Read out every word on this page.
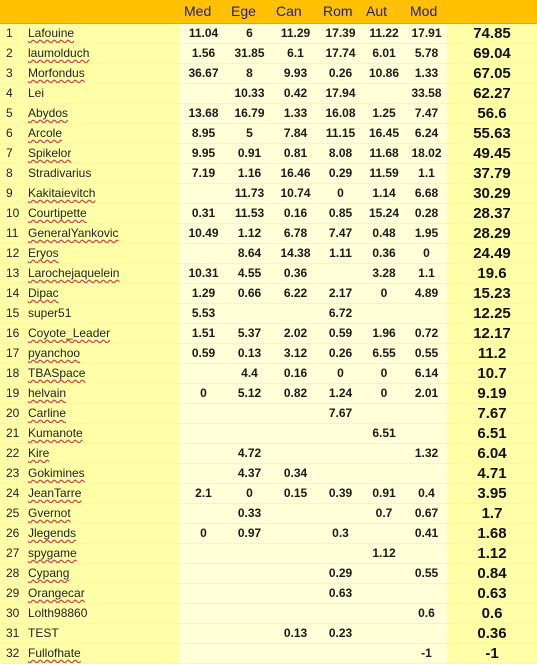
		Med	Ege	Can	Rom	Aut	Mod	
1	Lafouine	11.04	6	11.29	17.39	11.22	17.91	74.85
2	laumolduch	1.56	31.85	6.1	17.74	6.01	5.78	69.04
3	Morfondus	36.67	8	9.93	0.26	10.86	1.33	67.05
4	Lei		10.33	0.42	17.94		33.58	62.27
5	Abydos	13.68	16.79	1.33	16.08	1.25	7.47	56.6
6	Arcole	8.95	5	7.84	11.15	16.45	6.24	55.63
7	Spikelor	9.95	0.91	0.81	8.08	11.68	18.02	49.45
8	Stradivarius	7.19	1.16	16.46	0.29	11.59	1.1	37.79
9	Kakitaievitch		11.73	10.74	0	1.14	6.68	30.29
10	Courtipette	0.31	11.53	0.16	0.85	15.24	0.28	28.37
11	GeneralYankovic	10.49	1.12	6.78	7.47	0.48	1.95	28.29
12	Eryos		8.64	14.38	1.11	0.36	0	24.49
13	Larochejaquelein	10.31	4.55	0.36		3.28	1.1	19.6
14	Dipac	1.29	0.66	6.22	2.17	0	4.89	15.23
15	super51	5.53			6.72			12.25
16	Coyote_Leader	1.51	5.37	2.02	0.59	1.96	0.72	12.17
17	pyanchoo	0.59	0.13	3.12	0.26	6.55	0.55	11.2
18	TBASpace		4.4	0.16	0	0	6.14	10.7
19	helvain	0	5.12	0.82	1.24	0	2.01	9.19
20	Carline				7.67			7.67
21	Kumanote					6.51		6.51
22	Kire		4.72				1.32	6.04
23	Gokimines		4.37	0.34				4.71
24	JeanTarre	2.1	0	0.15	0.39	0.91	0.4	3.95
25	Gvernot		0.33			0.7	0.67	1.7
26	Jlegends	0	0.97		0.3		0.41	1.68
27	spygame					1.12		1.12
28	Cypang				0.29		0.55	0.84
29	Orangecar				0.63			0.63
30	Lolth98860						0.6	0.6
31	TEST			0.13	0.23			0.36
32	Fullofhate						-1	-1
